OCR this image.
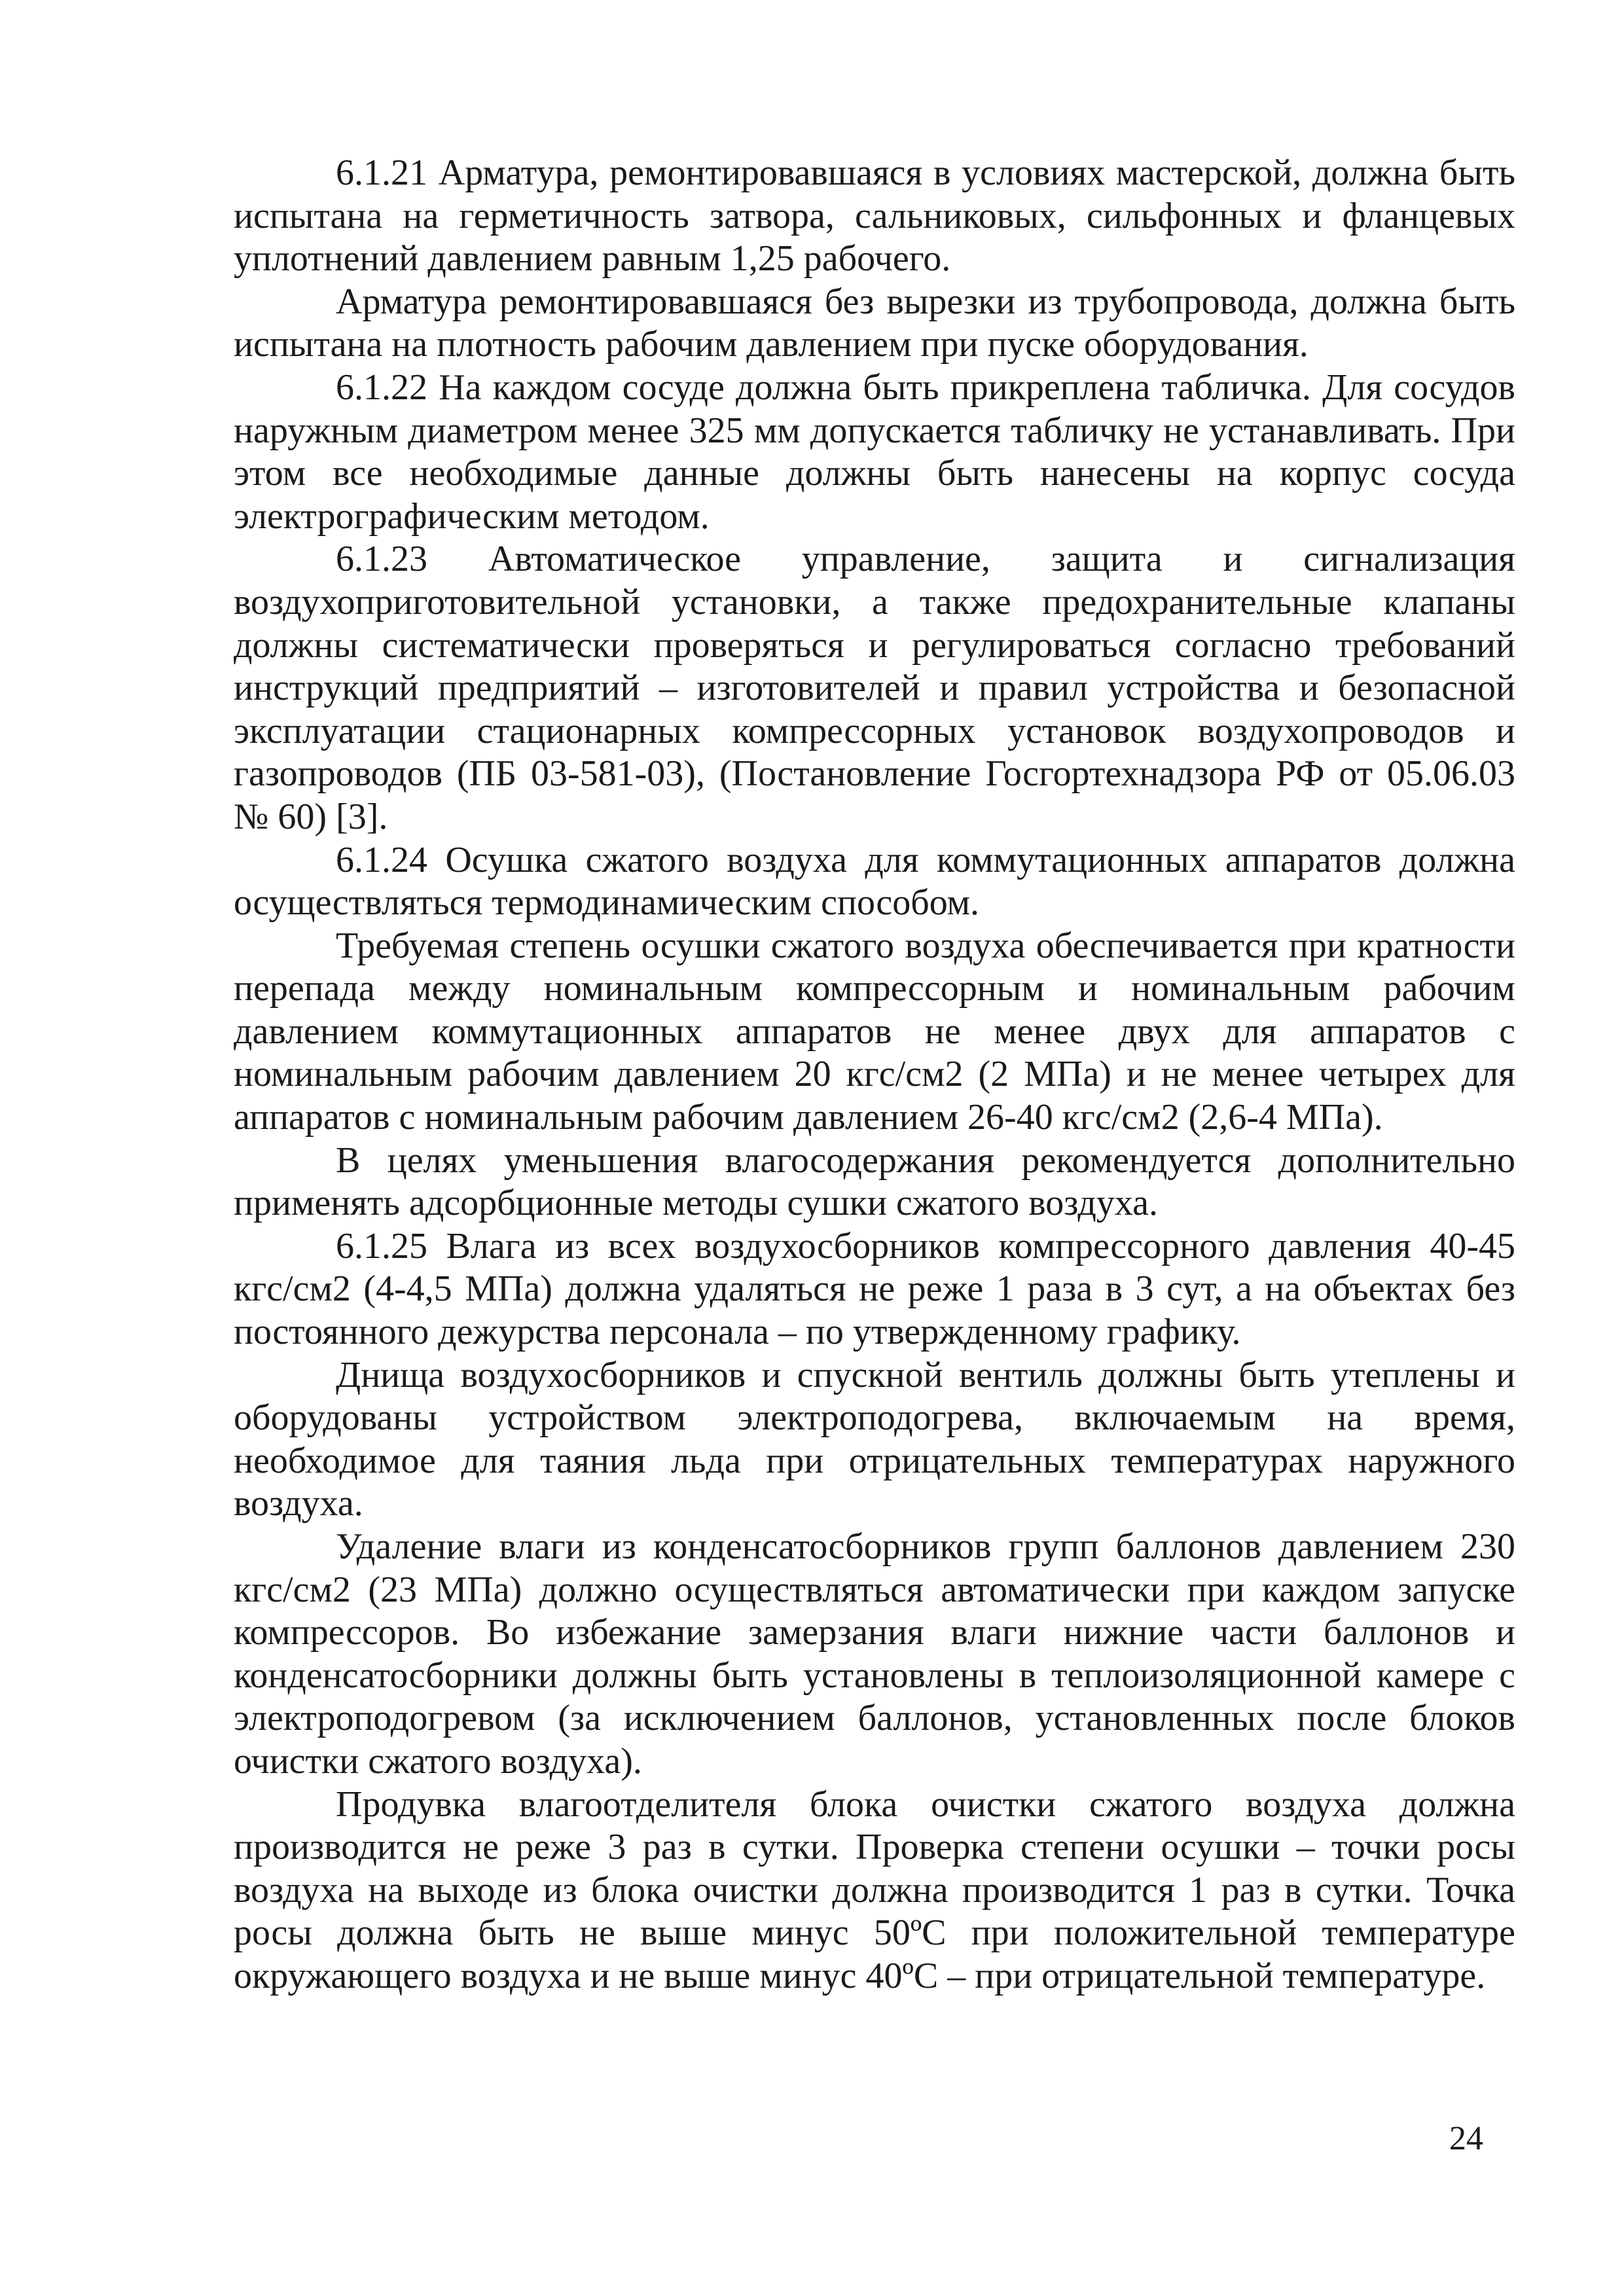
6.1.21 Арматура, ремонтировавшаяся в условиях мастерской, должна быть испытана на герметичность затвора, сальниковых, сильфонных и фланцевых уплотнений давлением равным 1,25 рабочего.

Арматура ремонтировавшаяся без вырезки из трубопровода, должна быть испытана на плотность рабочим давлением при пуске оборудования.

6.1.22 На каждом сосуде должна быть прикреплена табличка. Для сосудов наружным диаметром менее 325 мм допускается табличку не устанавливать. При этом все необходимые данные должны быть нанесены на корпус сосуда электрографическим методом.

6.1.23 Автоматическое управление, защита и сигнализация воздухоприготовительной установки, а также предохранительные клапаны должны систематически проверяться и регулироваться согласно требований инструкций предприятий – изготовителей и правил устройства и безопасной эксплуатации стационарных компрессорных установок воздухопроводов и газопроводов (ПБ 03-581-03), (Постановление Госгортехнадзора РФ от 05.06.03 № 60) [3].

6.1.24 Осушка сжатого воздуха для коммутационных аппаратов должна осуществляться термодинамическим способом.

Требуемая степень осушки сжатого воздуха обеспечивается при кратности перепада между номинальным компрессорным и номинальным рабочим давлением коммутационных аппаратов не менее двух для аппаратов с номинальным рабочим давлением 20 кгс/см2 (2 МПа) и не менее четырех для аппаратов с номинальным рабочим давлением 26-40 кгс/см2 (2,6-4 МПа).

В целях уменьшения влагосодержания рекомендуется дополнительно применять адсорбционные методы сушки сжатого воздуха.

6.1.25 Влага из всех воздухосборников компрессорного давления 40-45 кгс/см2 (4-4,5 МПа) должна удаляться не реже 1 раза в 3 сут, а на объектах без постоянного дежурства персонала – по утвержденному графику.

Днища воздухосборников и спускной вентиль должны быть утеплены и оборудованы устройством электроподогрева, включаемым на время, необходимое для таяния льда при отрицательных температурах наружного воздуха.

Удаление влаги из конденсатосборников групп баллонов давлением 230 кгс/см2 (23 МПа) должно осуществляться автоматически при каждом запуске компрессоров. Во избежание замерзания влаги нижние части баллонов и конденсатосборники должны быть установлены в теплоизоляционной камере с электроподогревом (за исключением баллонов, установленных после блоков очистки сжатого воздуха).

Продувка влагоотделителя блока очистки сжатого воздуха должна производится не реже 3 раз в сутки. Проверка степени осушки – точки росы воздуха на выходе из блока очистки должна производится 1 раз в сутки. Точка росы должна быть не выше минус 50ºС при положительной температуре окружающего воздуха и не выше минус 40ºС – при отрицательной температуре.

24
